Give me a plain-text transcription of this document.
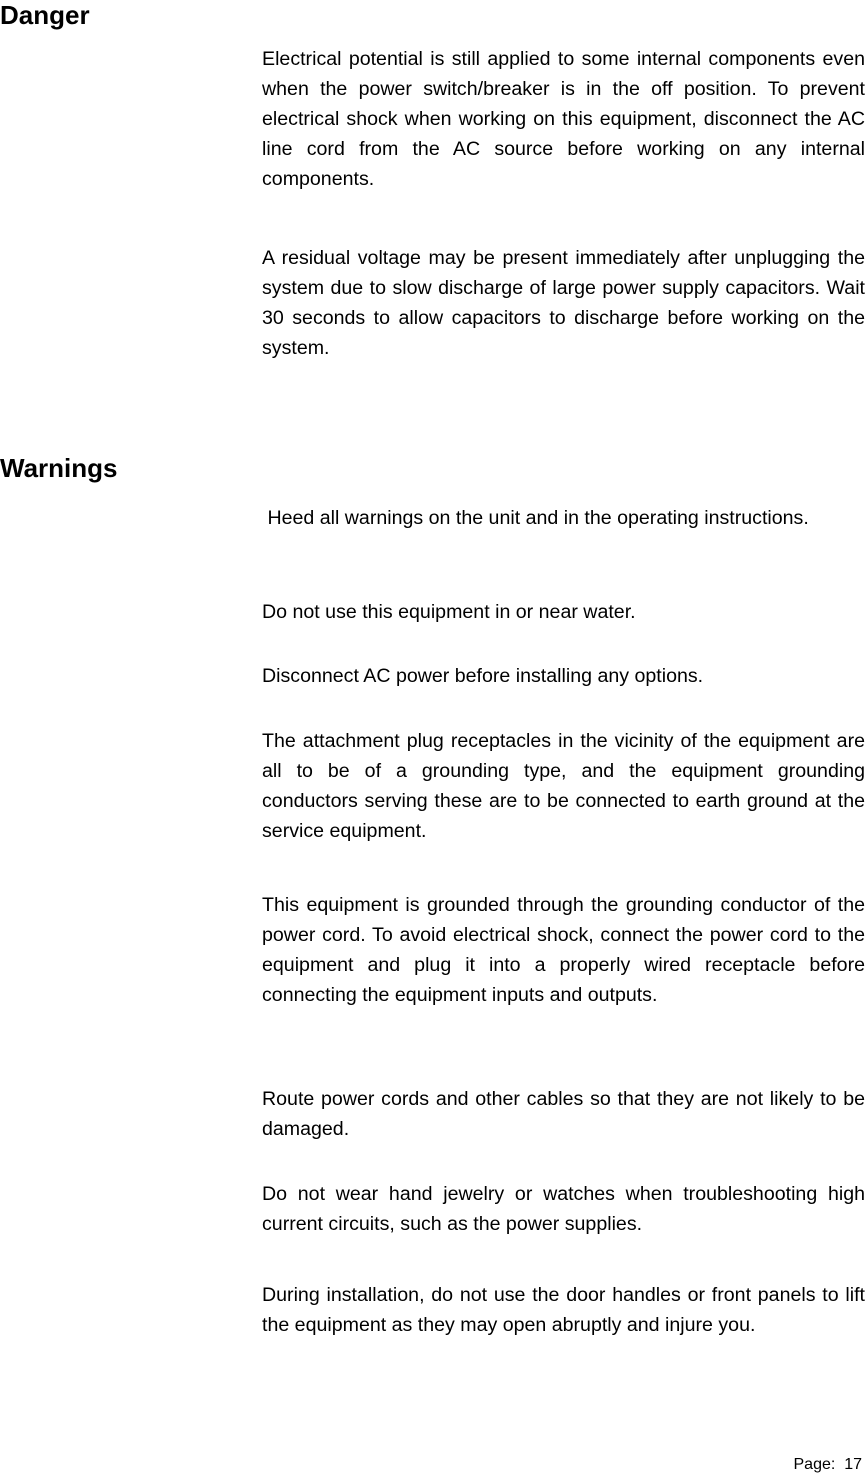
Danger

Electrical potential is still applied to some internal components even when the power switch/breaker is in the off position. To prevent electrical shock when working on this equipment, disconnect the AC line cord from the AC source before working on any internal components.

A residual voltage may be present immediately after unplugging the system due to slow discharge of large power supply capacitors. Wait 30 seconds to allow capacitors to discharge before working on the system.

Warnings

Heed all warnings on the unit and in the operating instructions.

Do not use this equipment in or near water.

Disconnect AC power before installing any options.

The attachment plug receptacles in the vicinity of the equipment are all to be of a grounding type, and the equipment grounding conductors serving these are to be connected to earth ground at the service equipment.

This equipment is grounded through the grounding conductor of the power cord. To avoid electrical shock, connect the power cord to the equipment and plug it into a properly wired receptacle before connecting the equipment inputs and outputs.

Route power cords and other cables so that they are not likely to be damaged.

Do not wear hand jewelry or watches when troubleshooting high current circuits, such as the power supplies.

During installation, do not use the door handles or front panels to lift the equipment as they may open abruptly and injure you.

Page:  17
